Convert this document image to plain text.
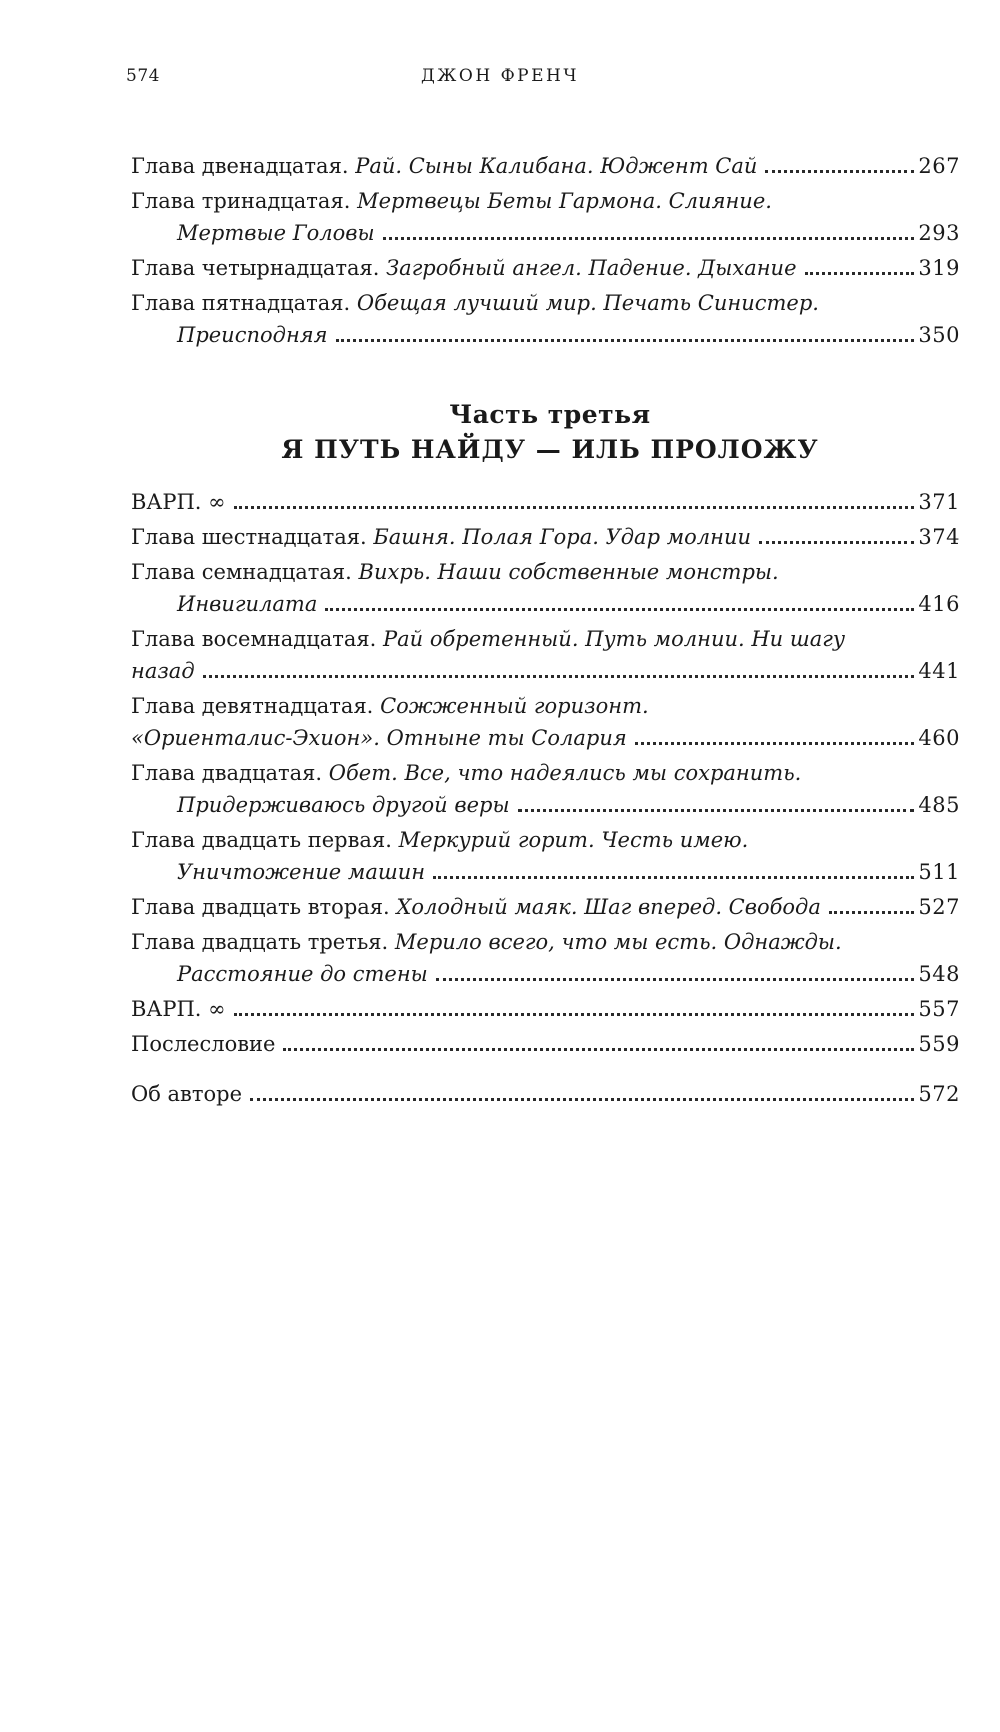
574	ДЖОН ФРЕНЧ
Глава двенадцатая. Рай. Сыны Калибана. Юджент Сай	267
Глава тринадцатая. Мертвецы Беты Гармона. Слияние.
Мертвые Головы	293
Глава четырнадцатая. Загробный ангел. Падение. Дыхание	319
Глава пятнадцатая. Обещая лучший мир. Печать Синистер.
Преисподняя	350
Часть третья
Я ПУТЬ НАЙДУ — ИЛЬ ПРОЛОЖУ
ВАРП. ∞	371
Глава шестнадцатая. Башня. Полая Гора. Удар молнии	374
Глава семнадцатая. Вихрь. Наши собственные монстры.
Инвигилата	416
Глава восемнадцатая. Рай обретенный. Путь молнии. Ни шагу
назад	441
Глава девятнадцатая. Сожженный горизонт.
«Ориенталис-Эхион». Отныне ты Солария	460
Глава двадцатая. Обет. Все, что надеялись мы сохранить.
Придерживаюсь другой веры	485
Глава двадцать первая. Меркурий горит. Честь имею.
Уничтожение машин	511
Глава двадцать вторая. Холодный маяк. Шаг вперед. Свобода	527
Глава двадцать третья. Мерило всего, что мы есть. Однажды.
Расстояние до стены	548
ВАРП. ∞	557
Послесловие	559
Об авторе	572
